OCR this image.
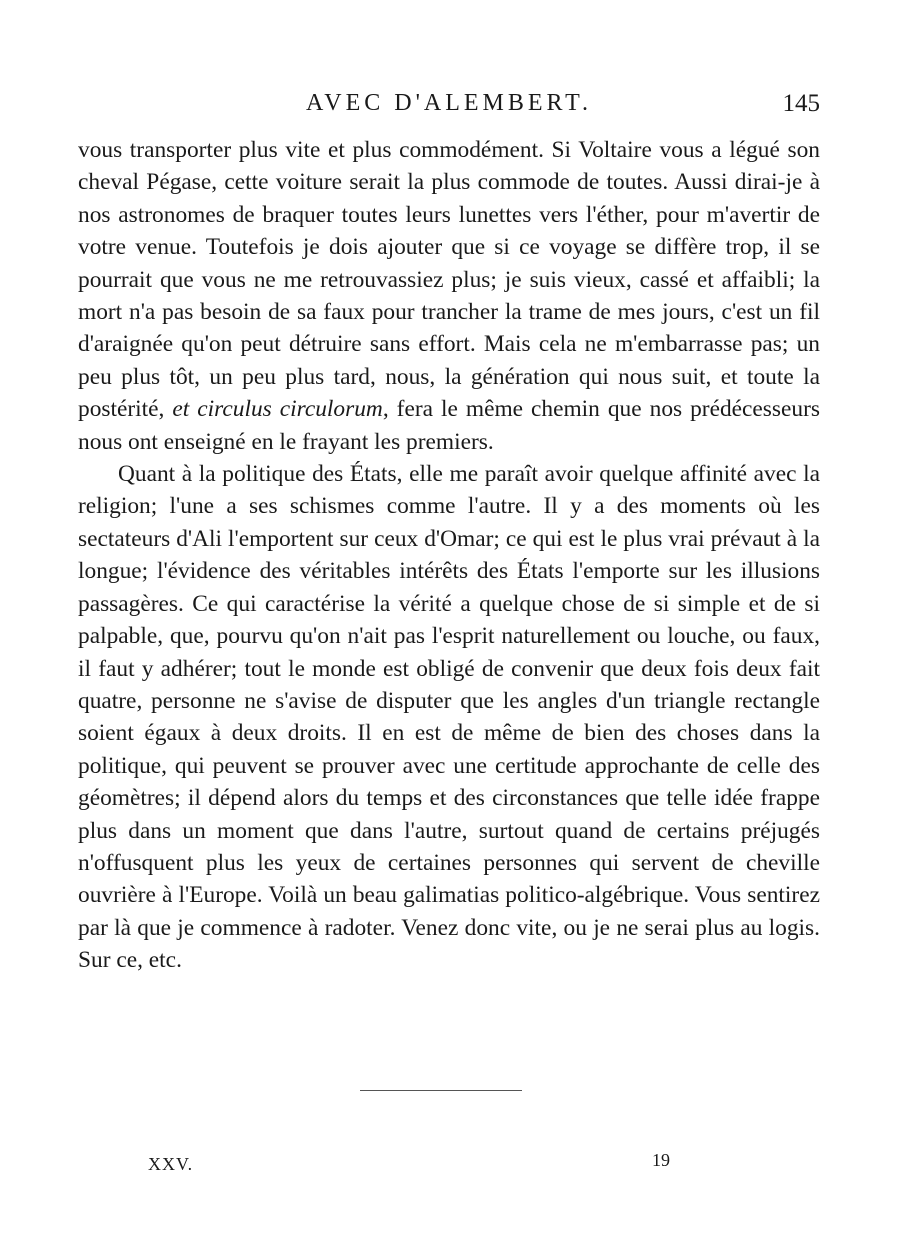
AVEC D'ALEMBERT.	145

vous transporter plus vite et plus commodément. Si Voltaire vous a légué son cheval Pégase, cette voiture serait la plus commode de toutes. Aussi dirai-je à nos astronomes de braquer toutes leurs lunettes vers l'éther, pour m'avertir de votre venue. Toutefois je dois ajouter que si ce voyage se diffère trop, il se pourrait que vous ne me retrouvassiez plus; je suis vieux, cassé et affaibli; la mort n'a pas besoin de sa faux pour trancher la trame de mes jours, c'est un fil d'araignée qu'on peut détruire sans effort. Mais cela ne m'embarrasse pas; un peu plus tôt, un peu plus tard, nous, la génération qui nous suit, et toute la postérité, et circulus circulorum, fera le même chemin que nos prédécesseurs nous ont enseigné en le frayant les premiers.

Quant à la politique des États, elle me paraît avoir quelque affinité avec la religion; l'une a ses schismes comme l'autre. Il y a des moments où les sectateurs d'Ali l'emportent sur ceux d'Omar; ce qui est le plus vrai prévaut à la longue; l'évidence des véritables intérêts des États l'emporte sur les illusions passagères. Ce qui caractérise la vérité a quelque chose de si simple et de si palpable, que, pourvu qu'on n'ait pas l'esprit naturellement ou louche, ou faux, il faut y adhérer; tout le monde est obligé de convenir que deux fois deux fait quatre, personne ne s'avise de disputer que les angles d'un triangle rectangle soient égaux à deux droits. Il en est de même de bien des choses dans la politique, qui peuvent se prouver avec une certitude approchante de celle des géomètres; il dépend alors du temps et des circonstances que telle idée frappe plus dans un moment que dans l'autre, surtout quand de certains préjugés n'offusquent plus les yeux de certaines personnes qui servent de cheville ouvrière à l'Europe. Voilà un beau galimatias politico-algébrique. Vous sentirez par là que je commence à radoter. Venez donc vite, ou je ne serai plus au logis. Sur ce, etc.

XXV.	19
